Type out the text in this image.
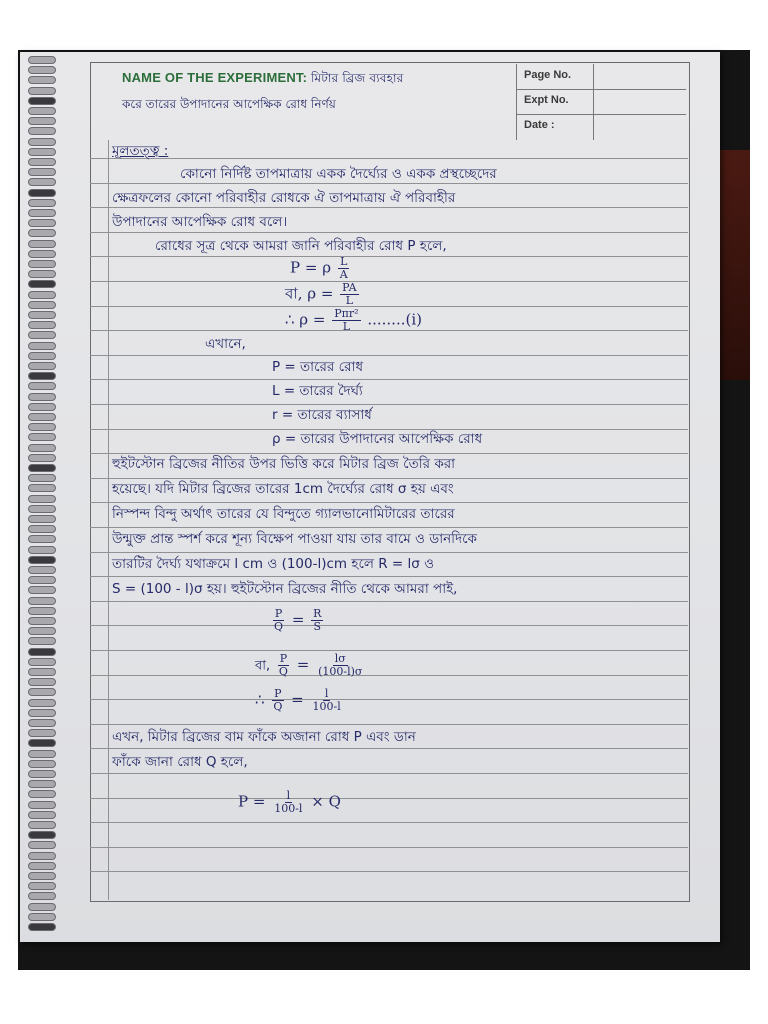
NAME OF THE EXPERIMENT: মিটার ব্রিজ ব্যবহার
করে তারের উপাদানের আপেক্ষিক রোধ নির্ণয়
Page No.
Expt No.
Date :
মূলতত্ত্ব :
কোনো নির্দিষ্ট তাপমাত্রায় একক দৈর্ঘ্যের ও একক প্রস্থচ্ছেদের
ক্ষেত্রফলের কোনো পরিবাহীর রোধকে ঐ তাপমাত্রায় ঐ পরিবাহীর
উপাদানের আপেক্ষিক রোধ বলে।
রোধের সূত্র থেকে আমরা জানি পরিবাহীর রোধ P হলে,
P = ρ $\frac{L}{A}$
বা, $\rho = \frac{PA}{L}$
∴ $\rho = \frac{\text{Pπr²}}{L} ........(i)$
এখানে,
P = তারের রোধ
L = তারের দৈর্ঘ্য
r = তারের ব্যাসার্ধ
ρ = তারের উপাদানের আপেক্ষিক রোধ
হুইটস্টোন ব্রিজের নীতির উপর ভিত্তি করে মিটার ব্রিজ তৈরি করা
হয়েছে। যদি মিটার ব্রিজের তারের 1cm দৈর্ঘ্যের রোধ σ হয় এবং
নিস্পন্দ বিন্দু অর্থাৎ তারের যে বিন্দুতে গ্যালভানোমিটারের তারের
উন্মুক্ত প্রান্ত স্পর্শ করে শূন্য বিক্ষেপ পাওয়া যায় তার বামে ও ডানদিকে
তারটির দৈর্ঘ্য যথাক্রমে l cm ও (100-l)cm হলে R = lσ ও
S = (100 - l)σ হয়। হুইটস্টোন ব্রিজের নীতি থেকে আমরা পাই,
$\frac{P}{Q} = \frac{R}{S}$
বা, $\frac{P}{Q} = \frac{l\sigma}{(100-l)\sigma}$
∴ $\frac{P}{Q} = \frac{l}{100-l}$
এখন, মিটার ব্রিজের বাম ফাঁকে অজানা রোধ P এবং ডান
ফাঁকে জানা রোধ Q হলে,
$P = \frac{l}{100-l} \times Q$
